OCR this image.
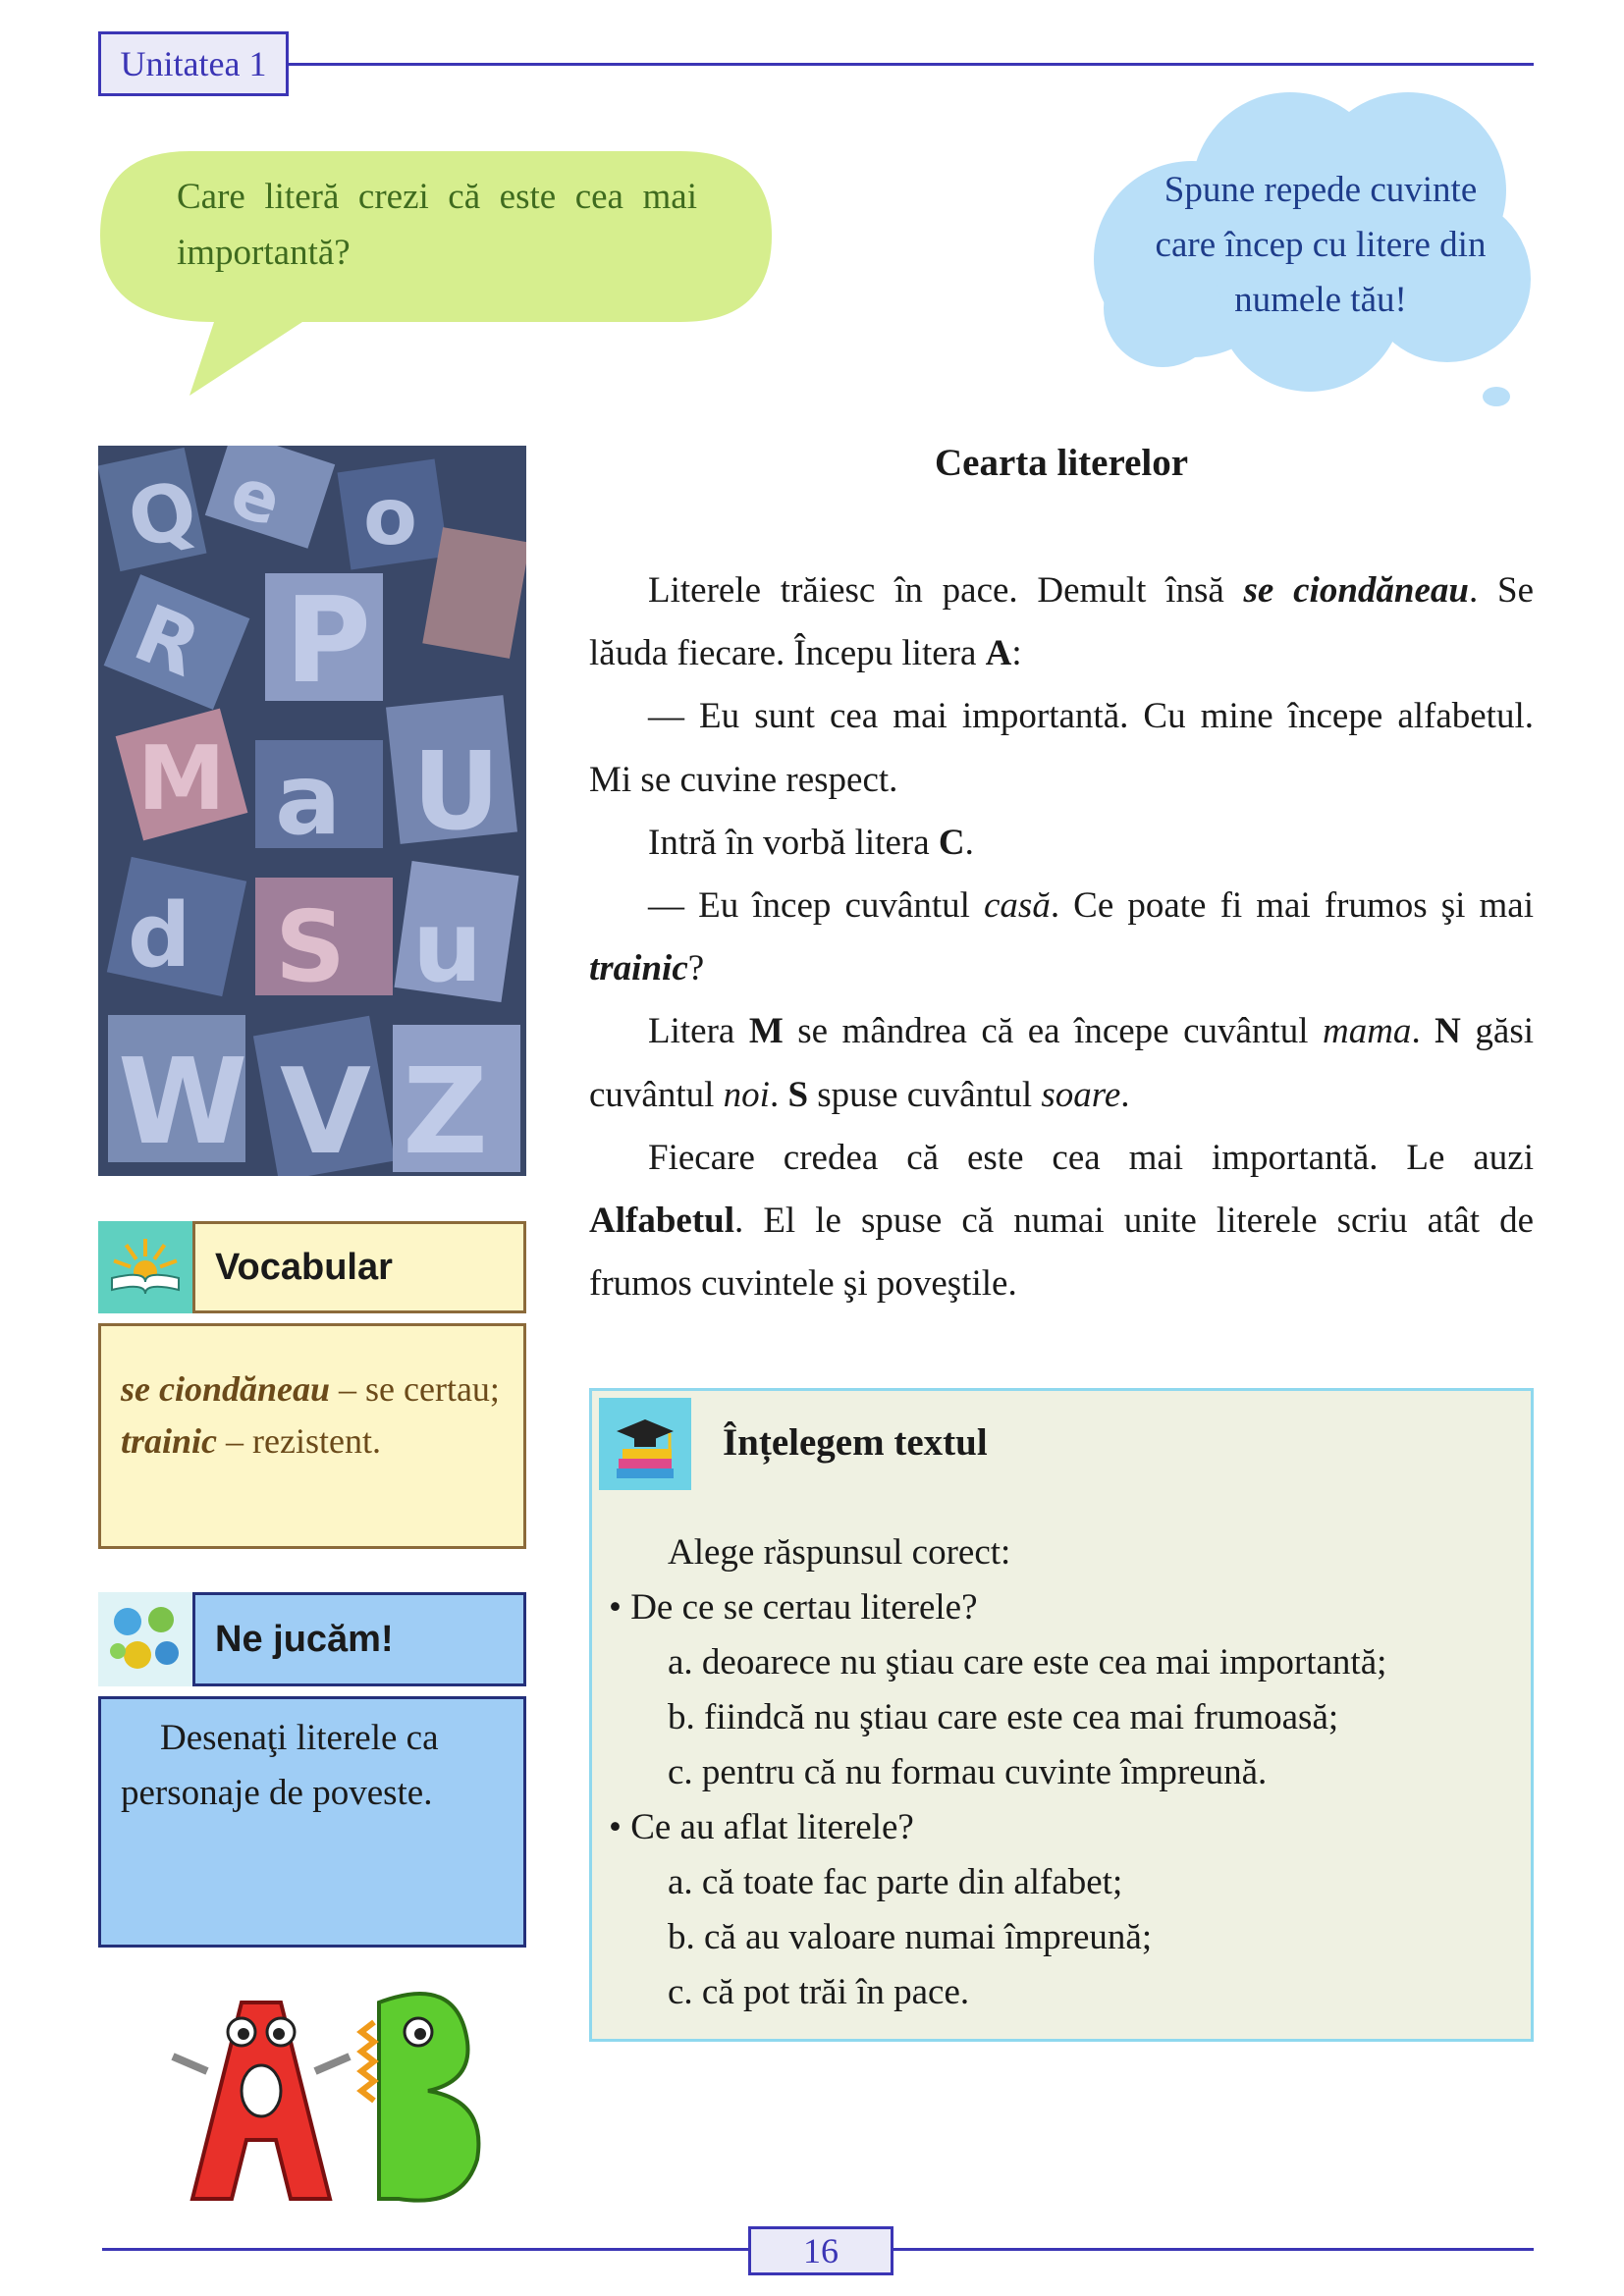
Unitatea 1
Care literă crezi că este cea mai
importantă?
Spune repede cuvinte
care încep cu litere din
numele tău!
Q e o
P
R
M a U
d S u
W V Z
Vocabular
se ciondăneau – se certau;
trainic – rezistent.
Ne jucăm!
Desenaţi literele ca
personaje de poveste.
Cearta literelor

Literele trăiesc în pace. Demult însă se ciondăneau. Se lăuda fiecare. Începu litera A:

— Eu sunt cea mai importantă. Cu mine începe alfabetul. Mi se cuvine respect.

Intră în vorbă litera C.

— Eu încep cuvântul casă. Ce poate fi mai frumos şi mai trainic?

Litera M se mândrea că ea începe cuvântul mama. N găsi cuvântul noi. S spuse cuvântul soare.

Fiecare credea că este cea mai importantă. Le auzi Alfabetul. El le spuse că numai unite literele scriu atât de frumos cuvintele şi poveştile.

Înțelegem textul
Alege răspunsul corect:
• De ce se certau literele?
a. deoarece nu ştiau care este cea mai importantă;
b. fiindcă nu ştiau care este cea mai frumoasă;
c. pentru că nu formau cuvinte împreună.
• Ce au aflat literele?
a. că toate fac parte din alfabet;
b. că au valoare numai împreună;
c. că pot trăi în pace.
16
